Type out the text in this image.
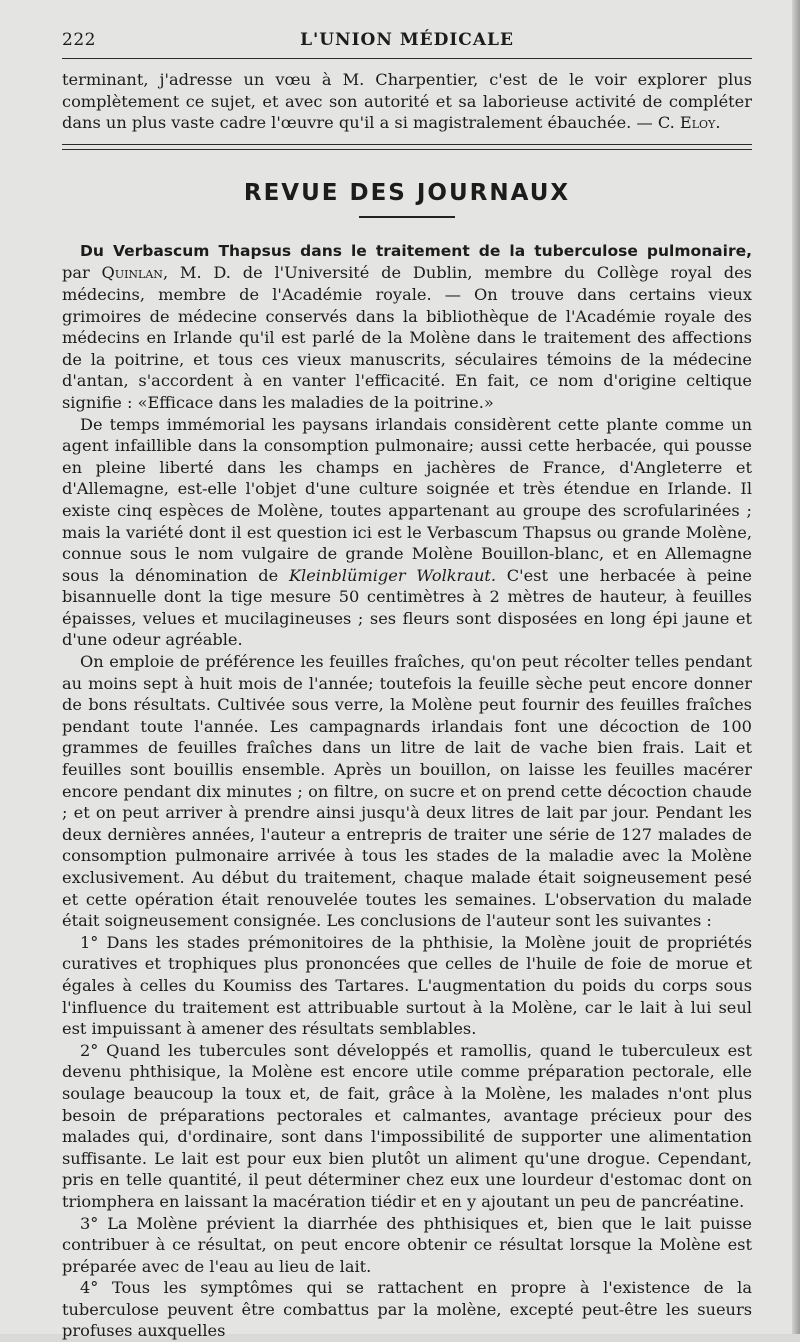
222	L'UNION MÉDICALE

terminant, j'adresse un vœu à M. Charpentier, c'est de le voir explorer plus complètement ce sujet, et avec son autorité et sa laborieuse activité de compléter dans un plus vaste cadre l'œuvre qu'il a si magistralement ébauchée. — C. Eloy.

REVUE DES JOURNAUX

Du Verbascum Thapsus dans le traitement de la tuberculose pulmonaire, par Quinlan, M. D. de l'Université de Dublin, membre du Collège royal des médecins, membre de l'Académie royale. — On trouve dans certains vieux grimoires de médecine conservés dans la bibliothèque de l'Académie royale des médecins en Irlande qu'il est parlé de la Molène dans le traitement des affections de la poitrine, et tous ces vieux manuscrits, séculaires témoins de la médecine d'antan, s'accordent à en vanter l'efficacité. En fait, ce nom d'origine celtique signifie : «Efficace dans les maladies de la poitrine.»

De temps immémorial les paysans irlandais considèrent cette plante comme un agent infaillible dans la consomption pulmonaire; aussi cette herbacée, qui pousse en pleine liberté dans les champs en jachères de France, d'Angleterre et d'Allemagne, est-elle l'objet d'une culture soignée et très étendue en Irlande. Il existe cinq espèces de Molène, toutes appartenant au groupe des scrofularinées ; mais la variété dont il est question ici est le Verbascum Thapsus ou grande Molène, connue sous le nom vulgaire de grande Molène Bouillon-blanc, et en Allemagne sous la dénomination de Kleinblümiger Wolkraut. C'est une herbacée à peine bisannuelle dont la tige mesure 50 centimètres à 2 mètres de hauteur, à feuilles épaisses, velues et mucilagineuses ; ses fleurs sont disposées en long épi jaune et d'une odeur agréable.

On emploie de préférence les feuilles fraîches, qu'on peut récolter telles pendant au moins sept à huit mois de l'année; toutefois la feuille sèche peut encore donner de bons résultats. Cultivée sous verre, la Molène peut fournir des feuilles fraîches pendant toute l'année. Les campagnards irlandais font une décoction de 100 grammes de feuilles fraîches dans un litre de lait de vache bien frais. Lait et feuilles sont bouillis ensemble. Après un bouillon, on laisse les feuilles macérer encore pendant dix minutes ; on filtre, on sucre et on prend cette décoction chaude ; et on peut arriver à prendre ainsi jusqu'à deux litres de lait par jour. Pendant les deux dernières années, l'auteur a entrepris de traiter une série de 127 malades de consomption pulmonaire arrivée à tous les stades de la maladie avec la Molène exclusivement. Au début du traitement, chaque malade était soigneusement pesé et cette opération était renouvelée toutes les semaines. L'observation du malade était soigneusement consignée. Les conclusions de l'auteur sont les suivantes :

1° Dans les stades prémonitoires de la phthisie, la Molène jouit de propriétés curatives et trophiques plus prononcées que celles de l'huile de foie de morue et égales à celles du Koumiss des Tartares. L'augmentation du poids du corps sous l'influence du traitement est attribuable surtout à la Molène, car le lait à lui seul est impuissant à amener des résultats semblables.

2° Quand les tubercules sont développés et ramollis, quand le tuberculeux est devenu phthisique, la Molène est encore utile comme préparation pectorale, elle soulage beaucoup la toux et, de fait, grâce à la Molène, les malades n'ont plus besoin de préparations pectorales et calmantes, avantage précieux pour des malades qui, d'ordinaire, sont dans l'impossibilité de supporter une alimentation suffisante. Le lait est pour eux bien plutôt un aliment qu'une drogue. Cependant, pris en telle quantité, il peut déterminer chez eux une lourdeur d'estomac dont on triomphera en laissant la macération tiédir et en y ajoutant un peu de pancréatine.

3° La Molène prévient la diarrhée des phthisiques et, bien que le lait puisse contribuer à ce résultat, on peut encore obtenir ce résultat lorsque la Molène est préparée avec de l'eau au lieu de lait.

4° Tous les symptômes qui se rattachent en propre à l'existence de la tuberculose peuvent être combattus par la molène, excepté peut-être les sueurs profuses auxquelles
